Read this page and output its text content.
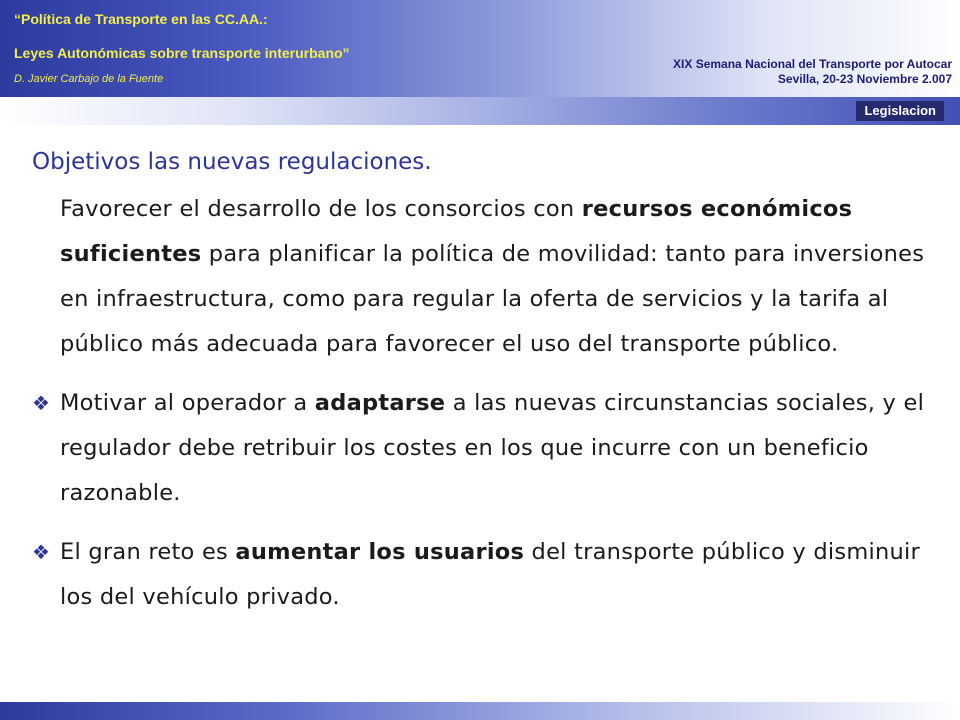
“Política de Transporte en las CC.AA.:

Leyes Autonómicas sobre transporte interurbano”

D. Javier Carbajo de la Fuente

XIX Semana Nacional del Transporte por Autocar
Sevilla, 20-23 Noviembre 2.007

Legislacion
Objetivos las nuevas regulaciones.

Favorecer el desarrollo de los consorcios con recursos económicos suficientes para planificar la política de movilidad: tanto para inversiones en infraestructura, como para regular la oferta de servicios y la tarifa al público más adecuada para favorecer el uso del transporte público.

❖ Motivar al operador a adaptarse a las nuevas circunstancias sociales, y el regulador debe retribuir los costes en los que incurre con un beneficio razonable.

❖ El gran reto es aumentar los usuarios del transporte público y disminuir los del vehículo privado.
